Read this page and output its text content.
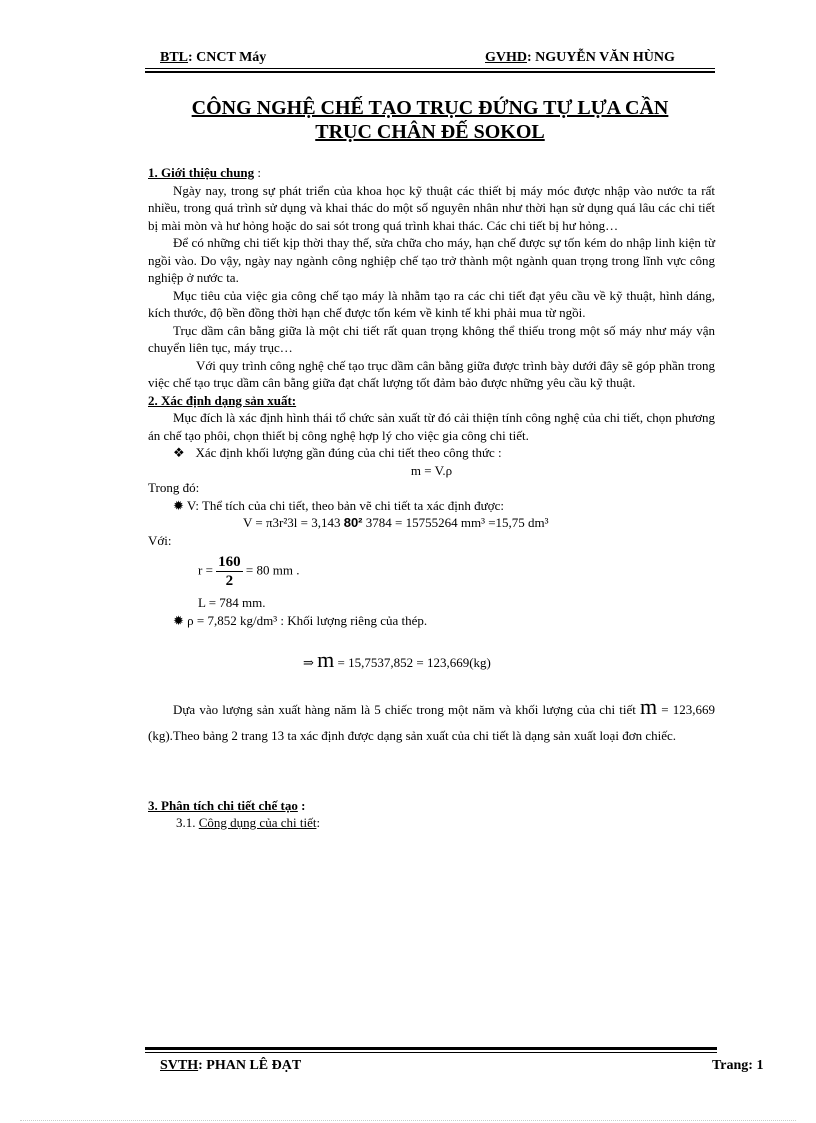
BTL: CNCT Máy	GVHD: NGUYỄN VĂN HÙNG
CÔNG NGHỆ CHẾ TẠO TRỤC ĐỨNG TỰ LỰA CẦN
TRỤC CHÂN ĐẾ SOKOL

1. Giới thiệu chung :

Ngày nay, trong sự phát triển của khoa học kỹ thuật các thiết bị máy móc được nhập vào nước ta rất nhiều, trong quá trình sử dụng và khai thác do một số nguyên nhân như thời hạn sử dụng quá lâu các chi tiết bị mài mòn và hư hỏng hoặc do sai sót trong quá trình khai thác. Các chi tiết bị hư hỏng…

Để có những chi tiết kịp thời thay thế, sửa chữa cho máy, hạn chế được sự tốn kém do nhập linh kiện từ ngồi vào. Do vậy, ngày nay ngành công nghiệp chế tạo trở thành một ngành quan trọng trong lĩnh vực công nghiệp ở nước ta.

Mục tiêu của việc gia công chế tạo máy là nhằm tạo ra các chi tiết đạt yêu cầu về kỹ thuật, hình dáng, kích thước, độ bền đồng thời hạn chế được tốn kém về kinh tế khi phải mua từ ngồi.

Trục dầm cân bằng giữa là một chi tiết rất quan trọng không thể thiếu trong một số máy như máy vận chuyển liên tục, máy trục…

Với quy trình công nghệ chế tạo trục dầm cân bằng giữa được trình bày dưới đây sẽ góp phần trong việc chế tạo trục dầm cân bằng giữa đạt chất lượng tốt đảm bảo được những yêu cầu kỹ thuật.

2. Xác định dạng sản xuất:

Mục đích là xác định hình thái tổ chức sản xuất từ đó cải thiện tính công nghệ của chi tiết, chọn phương án chế tạo phôi, chọn thiết bị công nghệ hợp lý cho việc gia công chi tiết.

❖ Xác định khối lượng gần đúng của chi tiết theo công thức :

m = V.ρ

Trong đó:

✹ V: Thể tích của chi tiết, theo bản vẽ chi tiết ta xác định được:

V = π3r²3l = 3,143 80² 3784 = 15755264 mm³ =15,75 dm³

Với:

$r = \frac{160}{2} = 80$ mm .

L = 784 mm.

✹ ρ = 7,852 kg/dm³ : Khối lượng riêng của thép.

⇒ m = 15,7537,852 = 123,669(kg)

Dựa vào lượng sản xuất hàng năm là 5 chiếc trong một năm và khối lượng của chi tiết m = 123,669 (kg).Theo bảng 2 trang 13 ta xác định được dạng sản xuất của chi tiết là dạng sản xuất loại đơn chiếc.

3. Phân tích chi tiết chế tạo :

3.1. Công dụng của chi tiết:

SVTH: PHAN LÊ ĐẠT	Trang: 1
